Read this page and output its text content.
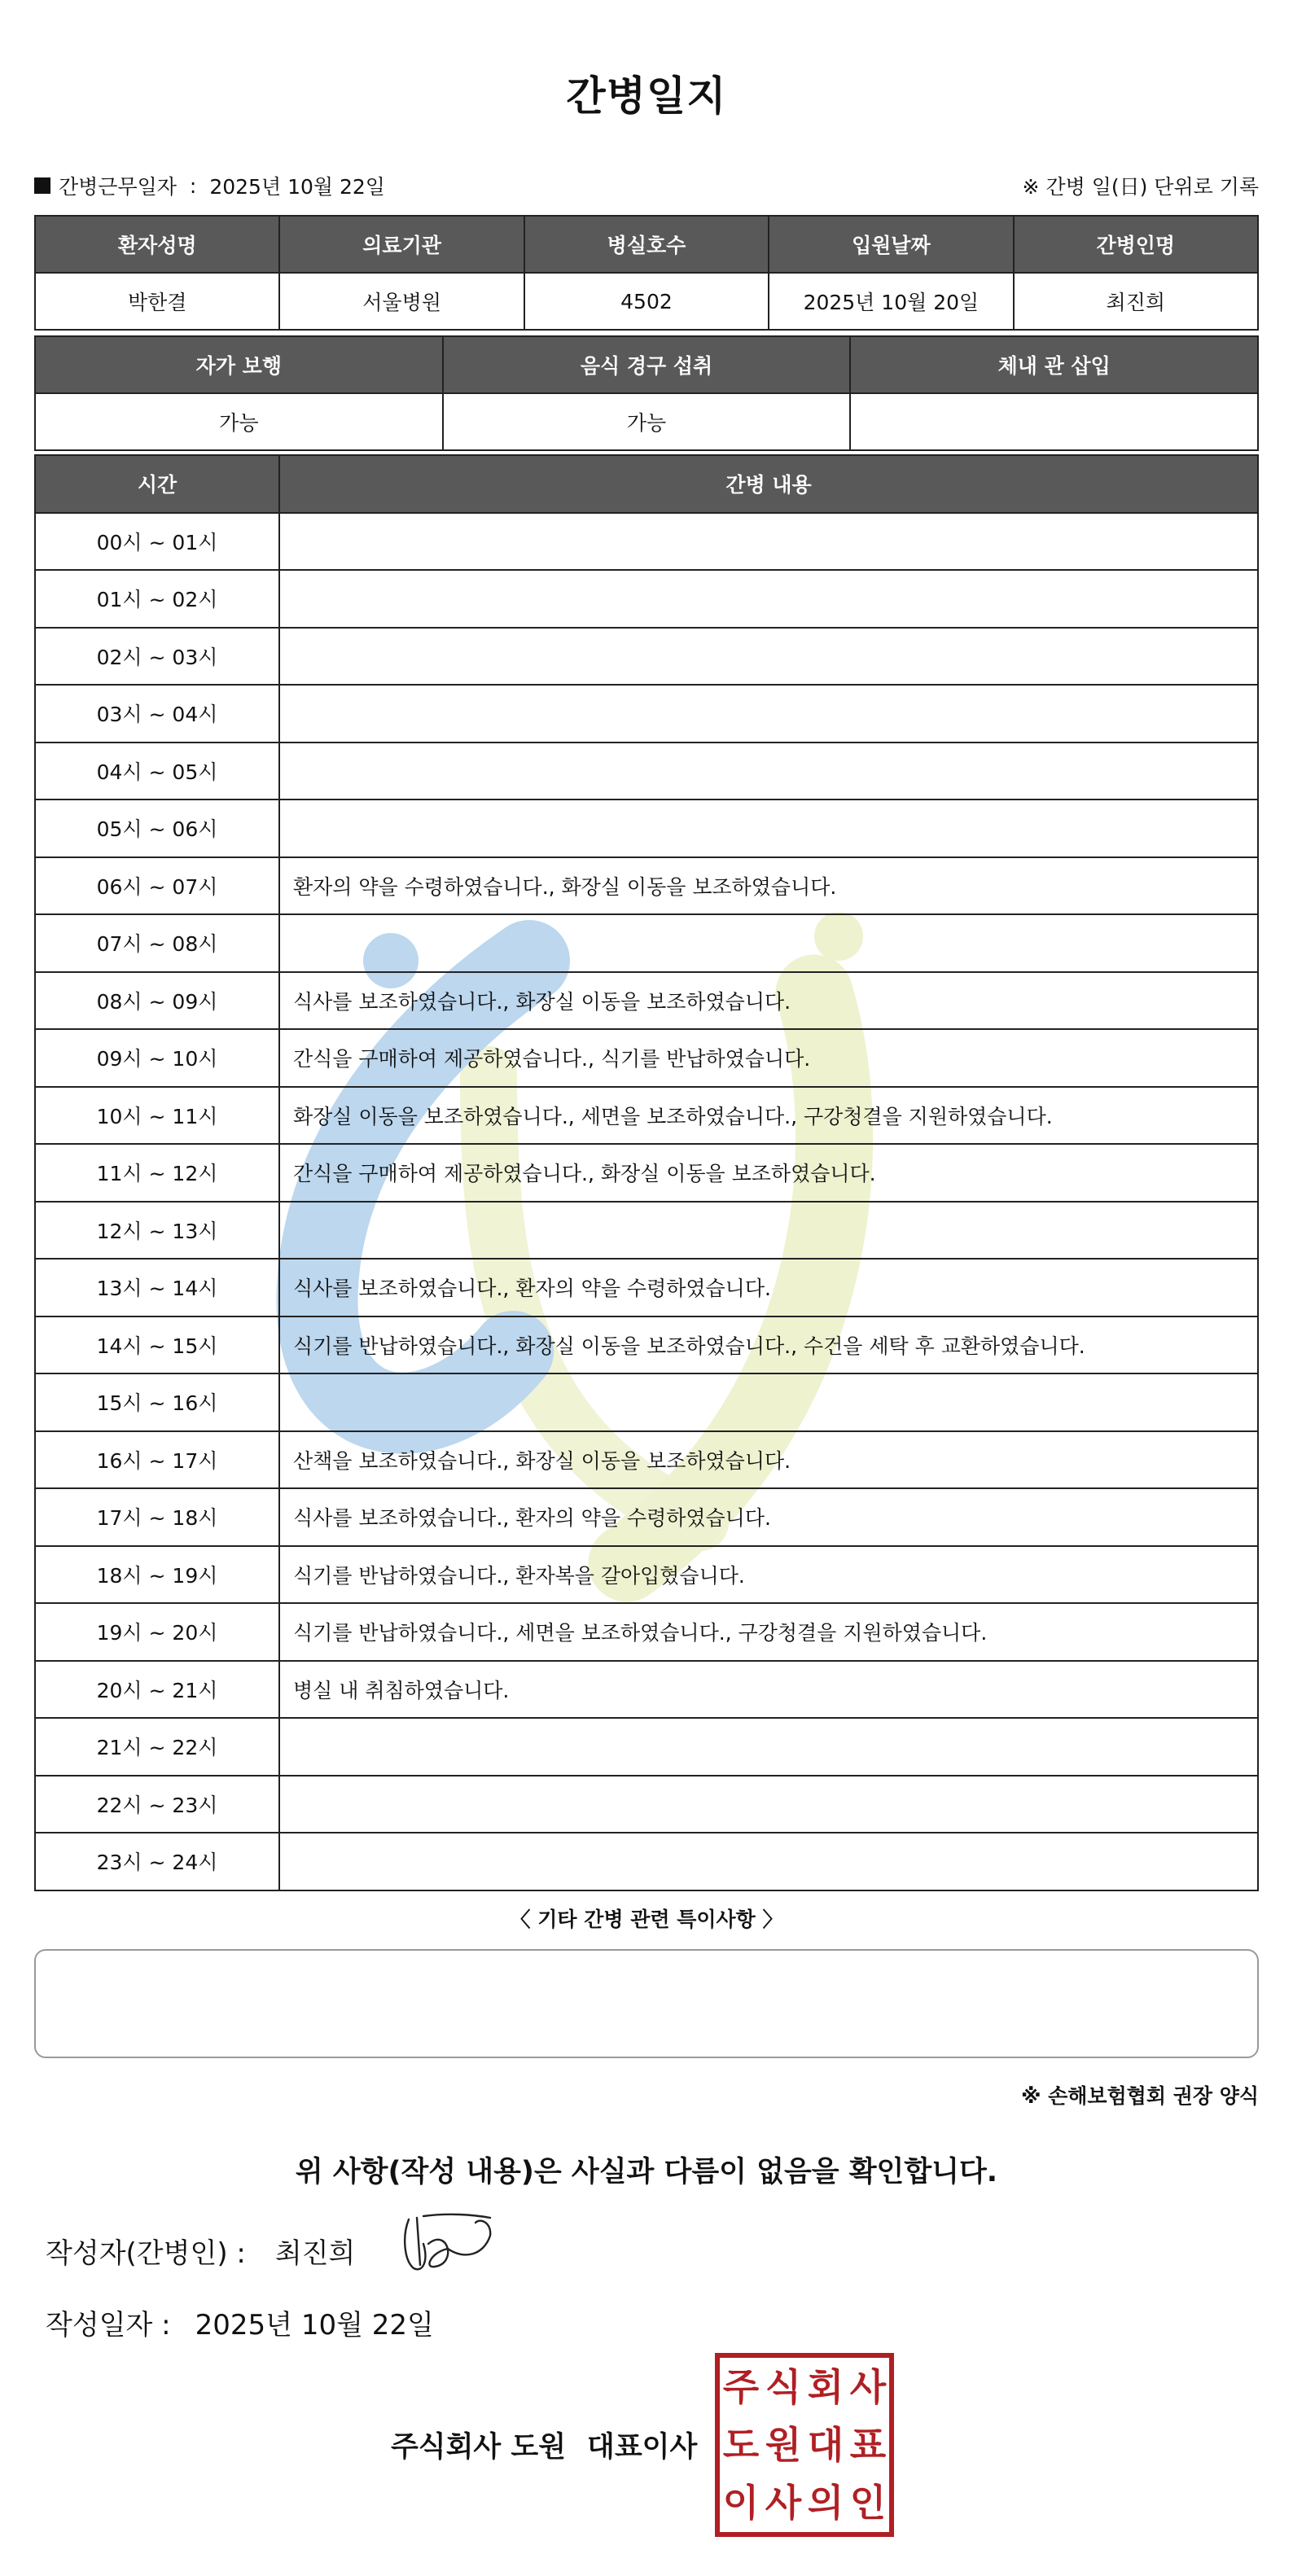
간병일지
간병근무일자 : 2025년 10월 22일	※ 간병 일(日) 단위로 기록
환자성명	의료기관	병실호수	입원날짜	간병인명
박한결	서울병원	4502	2025년 10월 20일	최진희
자가 보행	음식 경구 섭취	체내 관 삽입
가능	가능	
시간	간병 내용
00시 ~ 01시	
01시 ~ 02시	
02시 ~ 03시	
03시 ~ 04시	
04시 ~ 05시	
05시 ~ 06시	
06시 ~ 07시	환자의 약을 수령하였습니다., 화장실 이동을 보조하였습니다.
07시 ~ 08시	
08시 ~ 09시	식사를 보조하였습니다., 화장실 이동을 보조하였습니다.
09시 ~ 10시	간식을 구매하여 제공하였습니다., 식기를 반납하였습니다.
10시 ~ 11시	화장실 이동을 보조하였습니다., 세면을 보조하였습니다., 구강청결을 지원하였습니다.
11시 ~ 12시	간식을 구매하여 제공하였습니다., 화장실 이동을 보조하였습니다.
12시 ~ 13시	
13시 ~ 14시	식사를 보조하였습니다., 환자의 약을 수령하였습니다.
14시 ~ 15시	식기를 반납하였습니다., 화장실 이동을 보조하였습니다., 수건을 세탁 후 교환하였습니다.
15시 ~ 16시	
16시 ~ 17시	산책을 보조하였습니다., 화장실 이동을 보조하였습니다.
17시 ~ 18시	식사를 보조하였습니다., 환자의 약을 수령하였습니다.
18시 ~ 19시	식기를 반납하였습니다., 환자복을 갈아입혔습니다.
19시 ~ 20시	식기를 반납하였습니다., 세면을 보조하였습니다., 구강청결을 지원하였습니다.
20시 ~ 21시	병실 내 취침하였습니다.
21시 ~ 22시	
22시 ~ 23시	
23시 ~ 24시	
〈 기타 간병 관련 특이사항 〉
※ 손해보험협회 권장 양식
위 사항(작성 내용)은 사실과 다름이 없음을 확인합니다.
작성자(간병인) : 최진희
작성일자 : 2025년 10월 22일
주식회사 도원 대표이사
주 식 회 사
도 원 대 표
이 사 의 인
